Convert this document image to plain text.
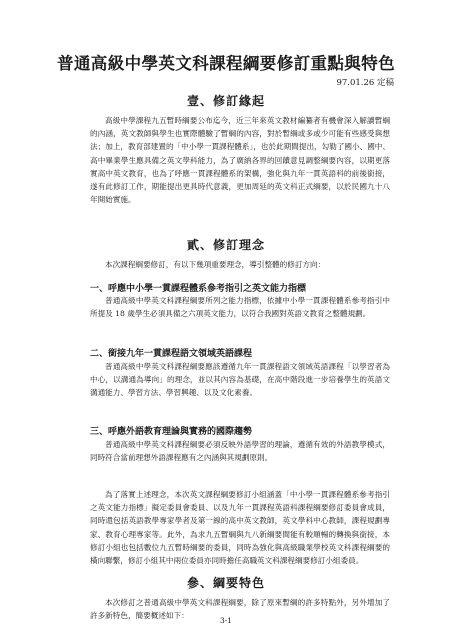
普通高級中學英文科課程綱要修訂重點與特色
97.01.26 定稿
壹、修訂緣起
高級中學課程九五暫時綱要公布迄今，近三年來英文教材編纂者有機會深入解讀暫綱的內涵，英文教師與學生也實際體驗了暫綱的內容，對於暫綱或多或少可能有些感受與想法；加上，教育部建置的「中小學一貫課程體系」，也於此期間提出，勾勒了國小、國中、高中畢業學生應具備之英文學科能力，為了廣納各界的回饋意見調整綱要內容，以期更落實高中英文教育，也為了呼應一貫課程體系的架構，強化與九年一貫英語科的前後銜接，遂有此修訂工作，期能提出更具時代意義，更加周延的英文科正式綱要，以於民國九十八年開始實施。
貳、修訂理念
本次課程綱要修訂，有以下幾項重要理念，導引整體的修訂方向：
一、呼應中小學一貫課程體系參考指引之英文能力指標
普通高級中學英文科課程綱要所列之能力指標，依據中小學一貫課程體系參考指引中所提及 18 歲學生必須具備之六項英文能力，以符合我國對英語文教育之整體規劃。
二、銜接九年一貫課程語文領域英語課程
普通高級中學英文科課程綱要應該遵循九年一貫課程語文領域英語課程「以學習者為中心，以溝通為導向」的理念，並以其內容為基礎，在高中階段進一步培養學生的英語文溝通能力、學習方法、學習興趣、以及文化素養。
三、呼應外語教育理論與實務的國際趨勢
普通高級中學英文科課程綱要必須反映外語學習的理論，遵循有效的外語教學模式，同時符合當前理想外語課程應有之內涵與其規劃原則。
為了落實上述理念，本次英文課程綱要修訂小組涵蓋「中小學一貫課程體系參考指引之英文能力指標」擬定委員會委員、以及九年一貫課程英語科課程綱要修訂委員會成員，同時還包括英語教學專家學者及第一線的高中英文教師，英文學科中心教師，課程規劃專家、教育心理專家等。此外，為求九五暫綱與九八新綱要間能有較順暢的轉換與銜接，本修訂小組也包括數位九五暫時綱要的委員，同時為強化與高級職業學校英文科課程綱要的橫向聯繫，修訂小組其中兩位委員亦同時擔任高職英文科課程綱要修訂小組委員。
參、綱要特色
本次修訂之普通高級中學英文科課程綱要，除了原來暫綱的許多特點外，另外增加了許多新特色，簡要概述如下：
3-1
